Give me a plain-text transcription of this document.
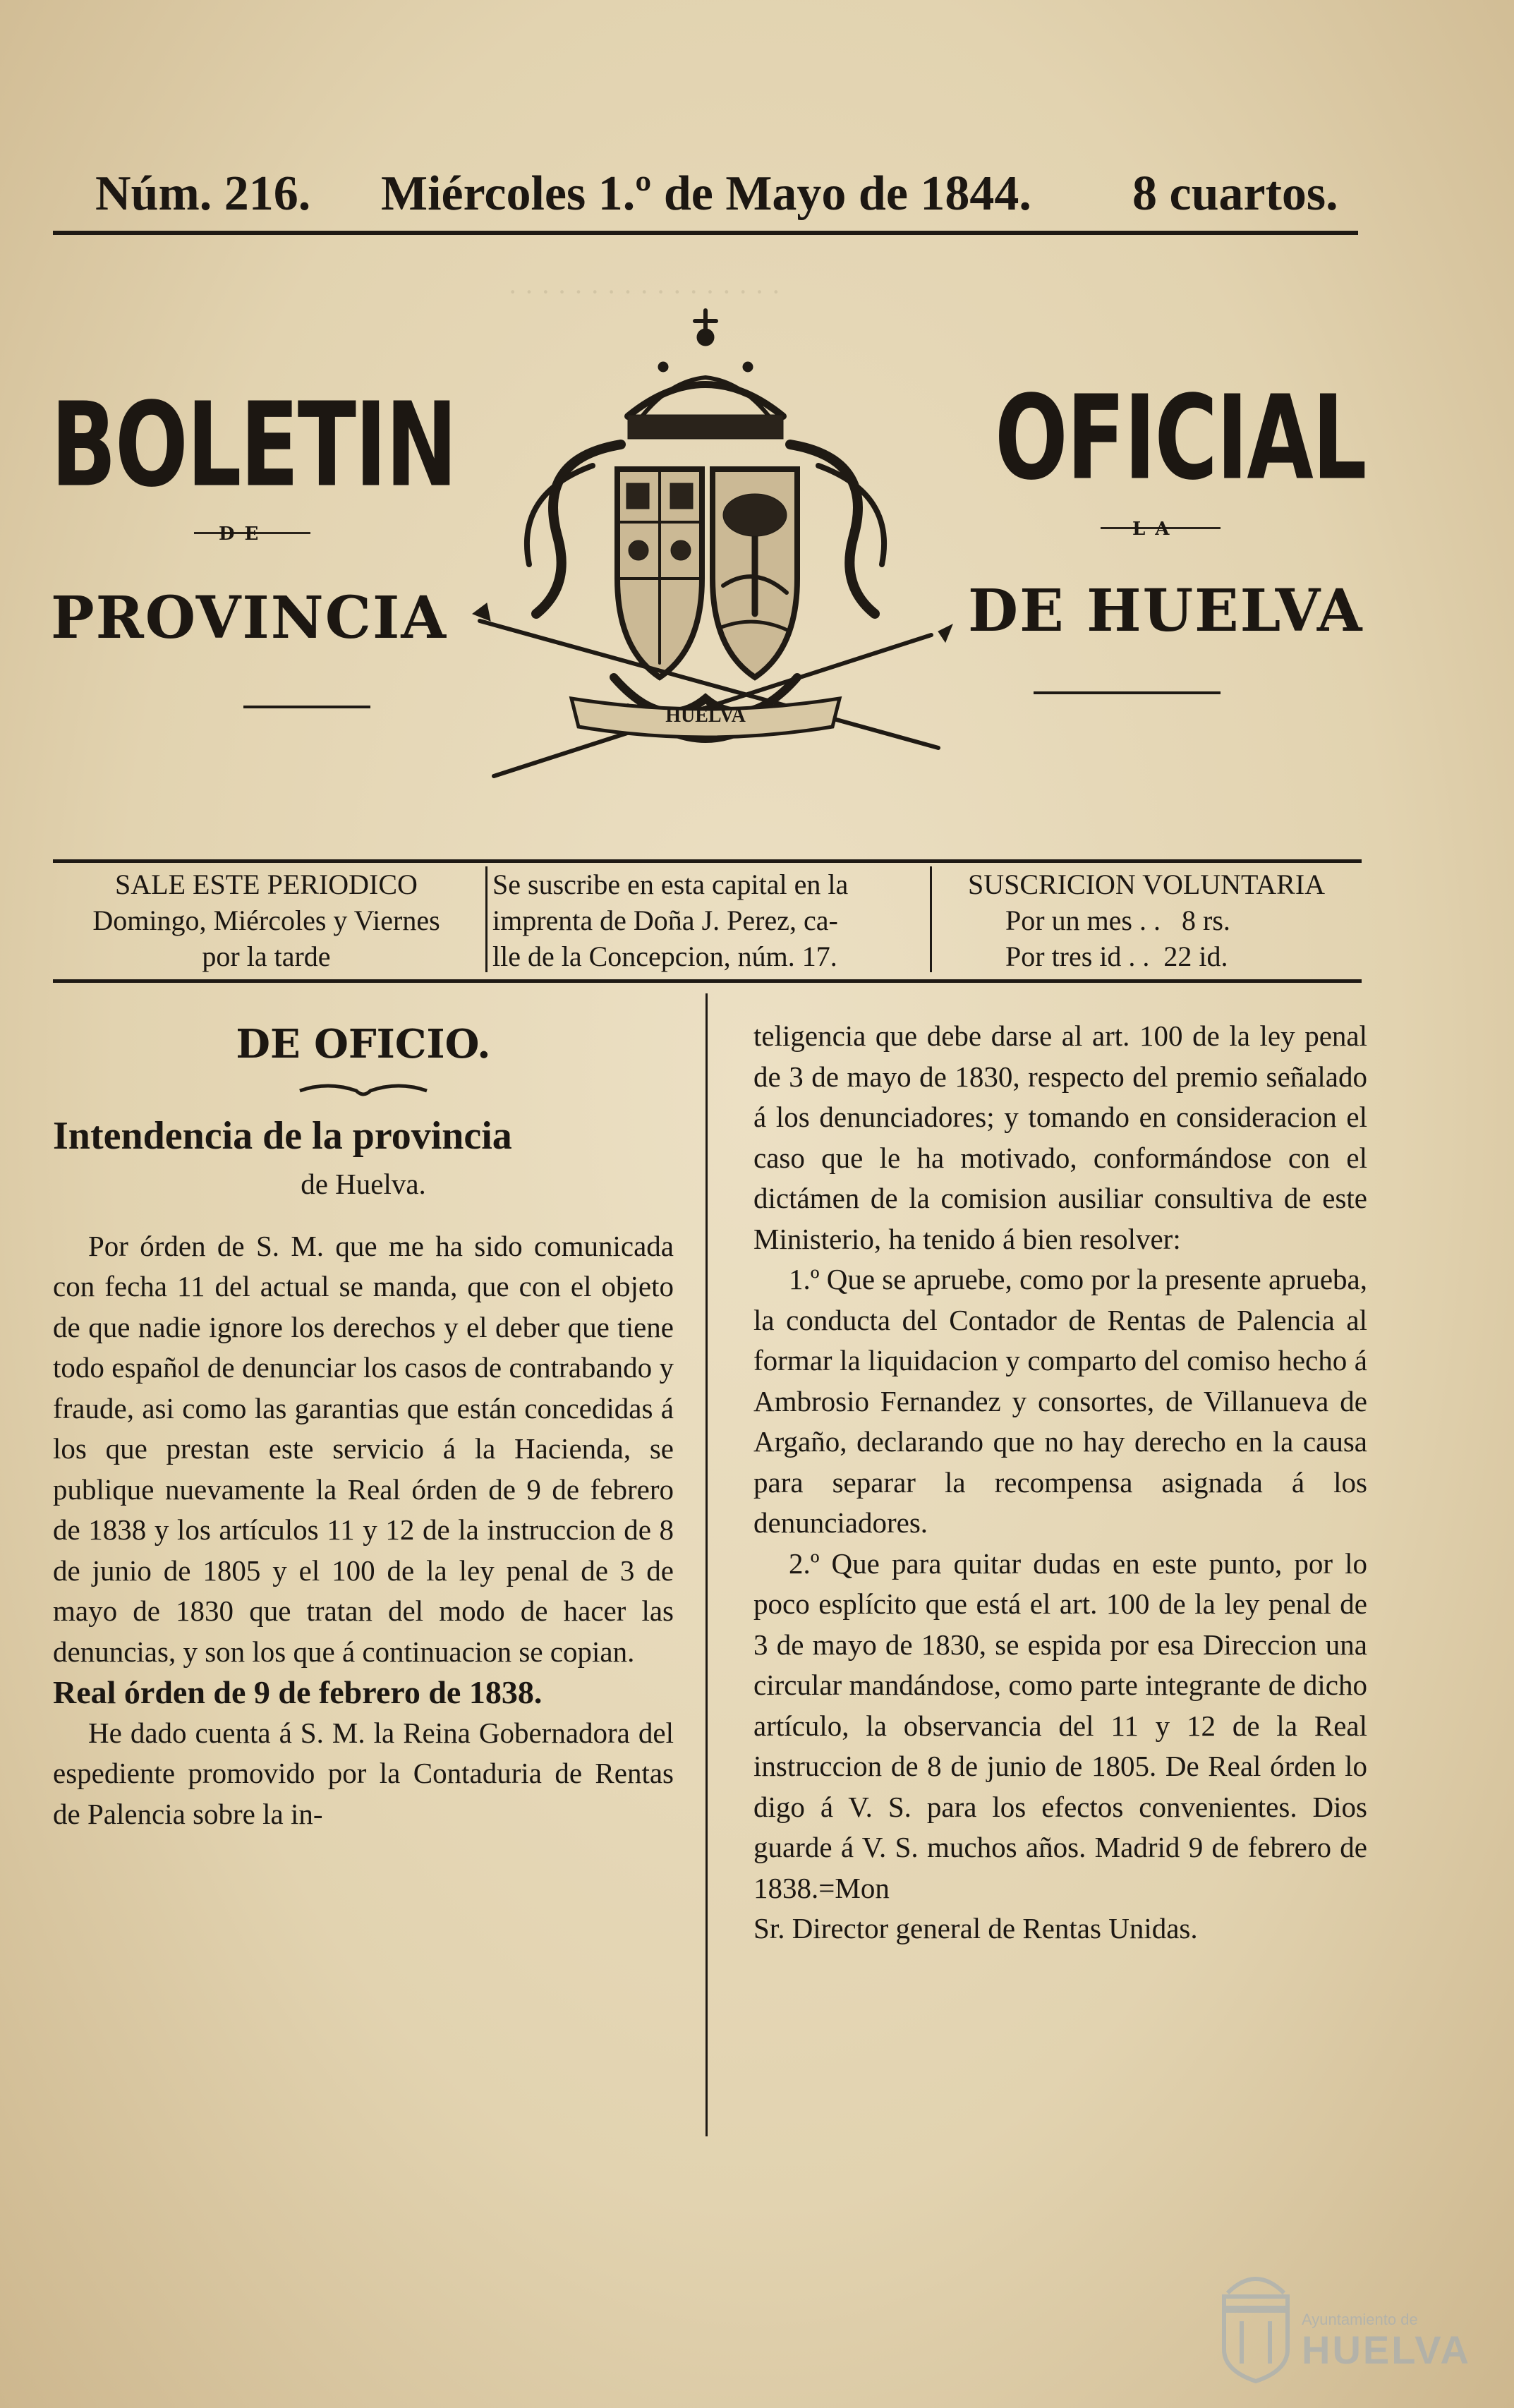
· · · · · · · · · · · · · · · · ·
Núm. 216. Miércoles 1.º de Mayo de 1844. 8 cuartos.
BOLETIN	OFICIAL
DE	LA
PROVINCIA	DE HUELVA
HUELVA
SALE ESTE PERIODICO
Domingo, Miércoles y Viernes
por la tarde
Se suscribe en esta capital en la
imprenta de Doña J. Perez, ca-
lle de la Concepcion, núm. 17.
SUSCRICION VOLUNTARIA
Por un mes . .   8 rs.
Por tres id . .  22 id.

DE OFICIO.

Intendencia de la provincia

de Huelva.

Por órden de S. M. que me ha sido comunicada con fecha 11 del actual se manda, que con el objeto de que nadie ignore los derechos y el deber que tiene todo español de denunciar los casos de contrabando y fraude, asi como las garantias que están concedidas á los que prestan este servicio á la Hacienda, se publique nuevamente la Real órden de 9 de febrero de 1838 y los artículos 11 y 12 de la instruccion de 8 de junio de 1805 y el 100 de la ley penal de 3 de mayo de 1830 que tratan del modo de hacer las denuncias, y son los que á continuacion se copian.

Real órden de 9 de febrero de 1838.

He dado cuenta á S. M. la Reina Gobernadora del espediente promovido por la Contaduria de Rentas de Palencia sobre la in-

teligencia que debe darse al art. 100 de la ley penal de 3 de mayo de 1830, respecto del premio señalado á los denunciadores; y tomando en consideracion el caso que le ha motivado, conformándose con el dictámen de la comision ausiliar consultiva de este Ministerio, ha tenido á bien resolver:

1.º Que se apruebe, como por la presente aprueba, la conducta del Contador de Rentas de Palencia al formar la liquidacion y comparto del comiso hecho á Ambrosio Fernandez y consortes, de Villanueva de Argaño, declarando que no hay derecho en la causa para separar la recompensa asignada á los denunciadores.

2.º Que para quitar dudas en este punto, por lo poco esplícito que está el art. 100 de la ley penal de 3 de mayo de 1830, se espida por esa Direccion una circular mandándose, como parte integrante de dicho artículo, la observancia del 11 y 12 de la Real instruccion de 8 de junio de 1805. De Real órden lo digo á V. S. para los efectos convenientes. Dios guarde á V. S. muchos años. Madrid 9 de febrero de 1838.=Mon

Sr. Director general de Rentas Unidas.

Ayuntamiento de
HUELVA
